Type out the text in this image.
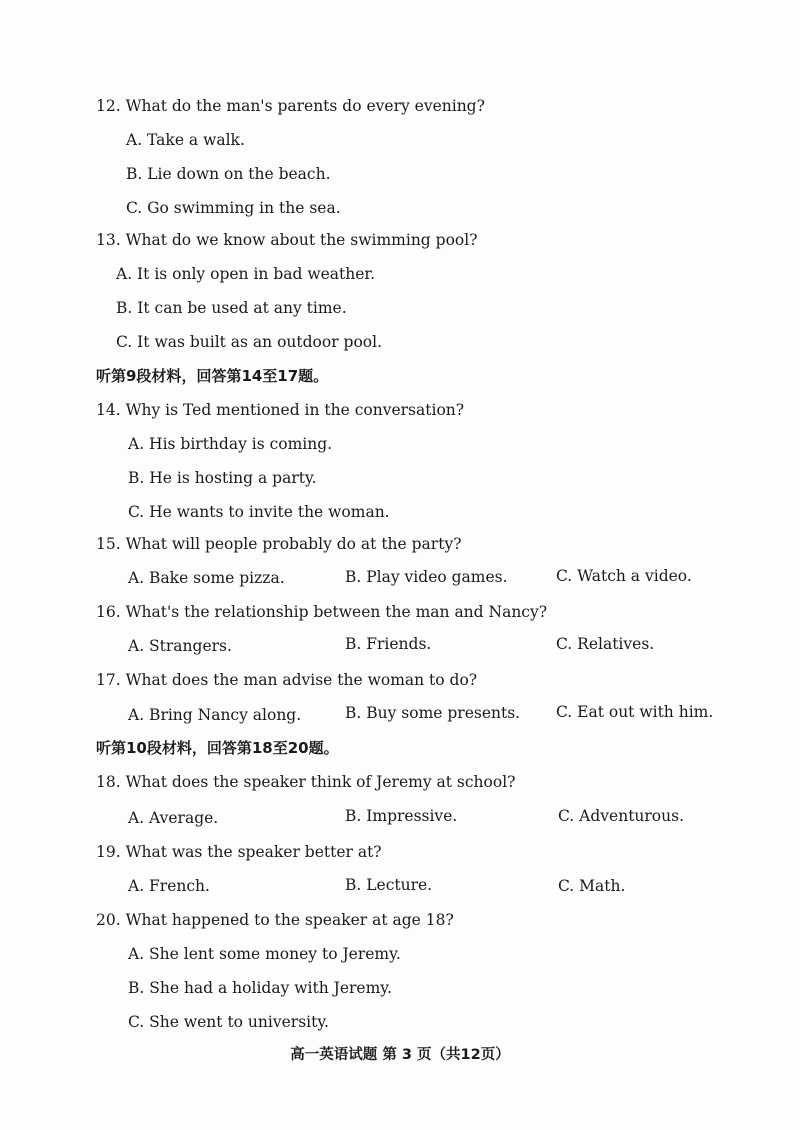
12. What do the man's parents do every evening?
A. Take a walk.
B. Lie down on the beach.
C. Go swimming in the sea.
13. What do we know about the swimming pool?
A. It is only open in bad weather.
B. It can be used at any time.
C. It was built as an outdoor pool.
听第9段材料，回答第14至17题。
14. Why is Ted mentioned in the conversation?
A. His birthday is coming.
B. He is hosting a party.
C. He wants to invite the woman.
15. What will people probably do at the party?
A. Bake some pizza.	B. Play video games.	C. Watch a video.
16. What's the relationship between the man and Nancy?
A. Strangers.	B. Friends.	C. Relatives.
17. What does the man advise the woman to do?
A. Bring Nancy along.	B. Buy some presents. C. Eat out with him.
听第10段材料，回答第18至20题。
18. What does the speaker think of Jeremy at school?
A. Average.	B. Impressive.	C. Adventurous.
19. What was the speaker better at?
A. French.	B. Lecture.	C. Math.
20. What happened to the speaker at age 18?
A. She lent some money to Jeremy.
B. She had a holiday with Jeremy.
C. She went to university.
高一英语试题 第 3 页（共12页）
